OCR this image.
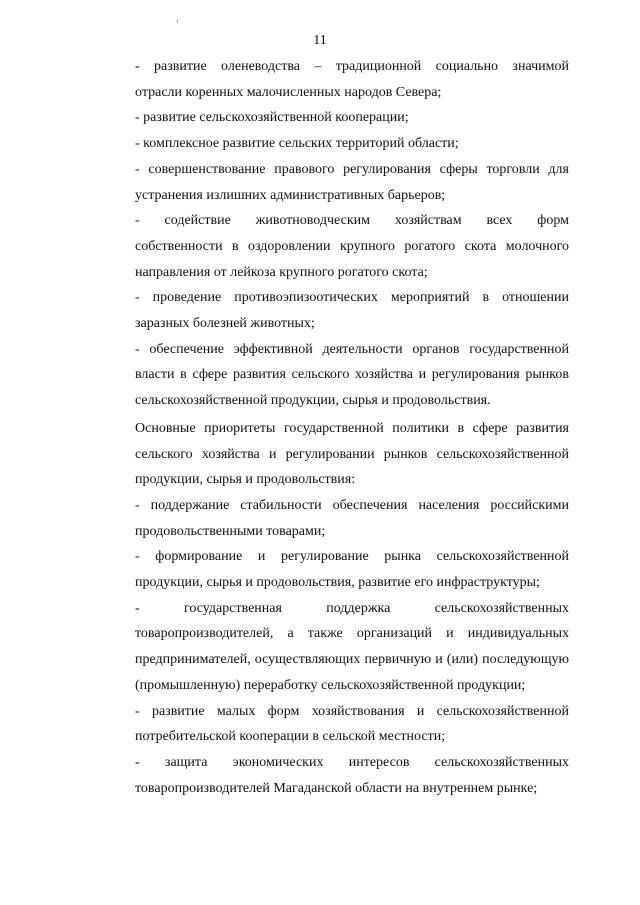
11

- развитие оленеводства – традиционной социально значимой
отрасли коренных малочисленных народов Севера;

- развитие сельскохозяйственной кооперации;

- комплексное развитие сельских территорий области;

- совершенствование правового регулирования сферы торговли для
устранения излишних административных барьеров;

- содействие животноводческим хозяйствам всех форм
собственности в оздоровлении крупного рогатого скота молочного
направления от лейкоза крупного рогатого скота;

- проведение противоэпизоотических мероприятий в отношении
заразных болезней животных;

- обеспечение эффективной деятельности органов государственной
власти в сфере развития сельского хозяйства и регулирования рынков
сельскохозяйственной продукции, сырья и продовольствия.

Основные приоритеты государственной политики в сфере развития
сельского хозяйства и регулировании рынков сельскохозяйственной
продукции, сырья и продовольствия:

- поддержание стабильности обеспечения населения российскими
продовольственными товарами;

- формирование и регулирование рынка сельскохозяйственной
продукции, сырья и продовольствия, развитие его инфраструктуры;

- государственная поддержка сельскохозяйственных
товаропроизводителей, а также организаций и индивидуальных
предпринимателей, осуществляющих первичную и (или) последующую
(промышленную) переработку сельскохозяйственной продукции;

- развитие малых форм хозяйствования и сельскохозяйственной
потребительской кооперации в сельской местности;

- защита экономических интересов сельскохозяйственных
товаропроизводителей Магаданской области на внутреннем рынке;
